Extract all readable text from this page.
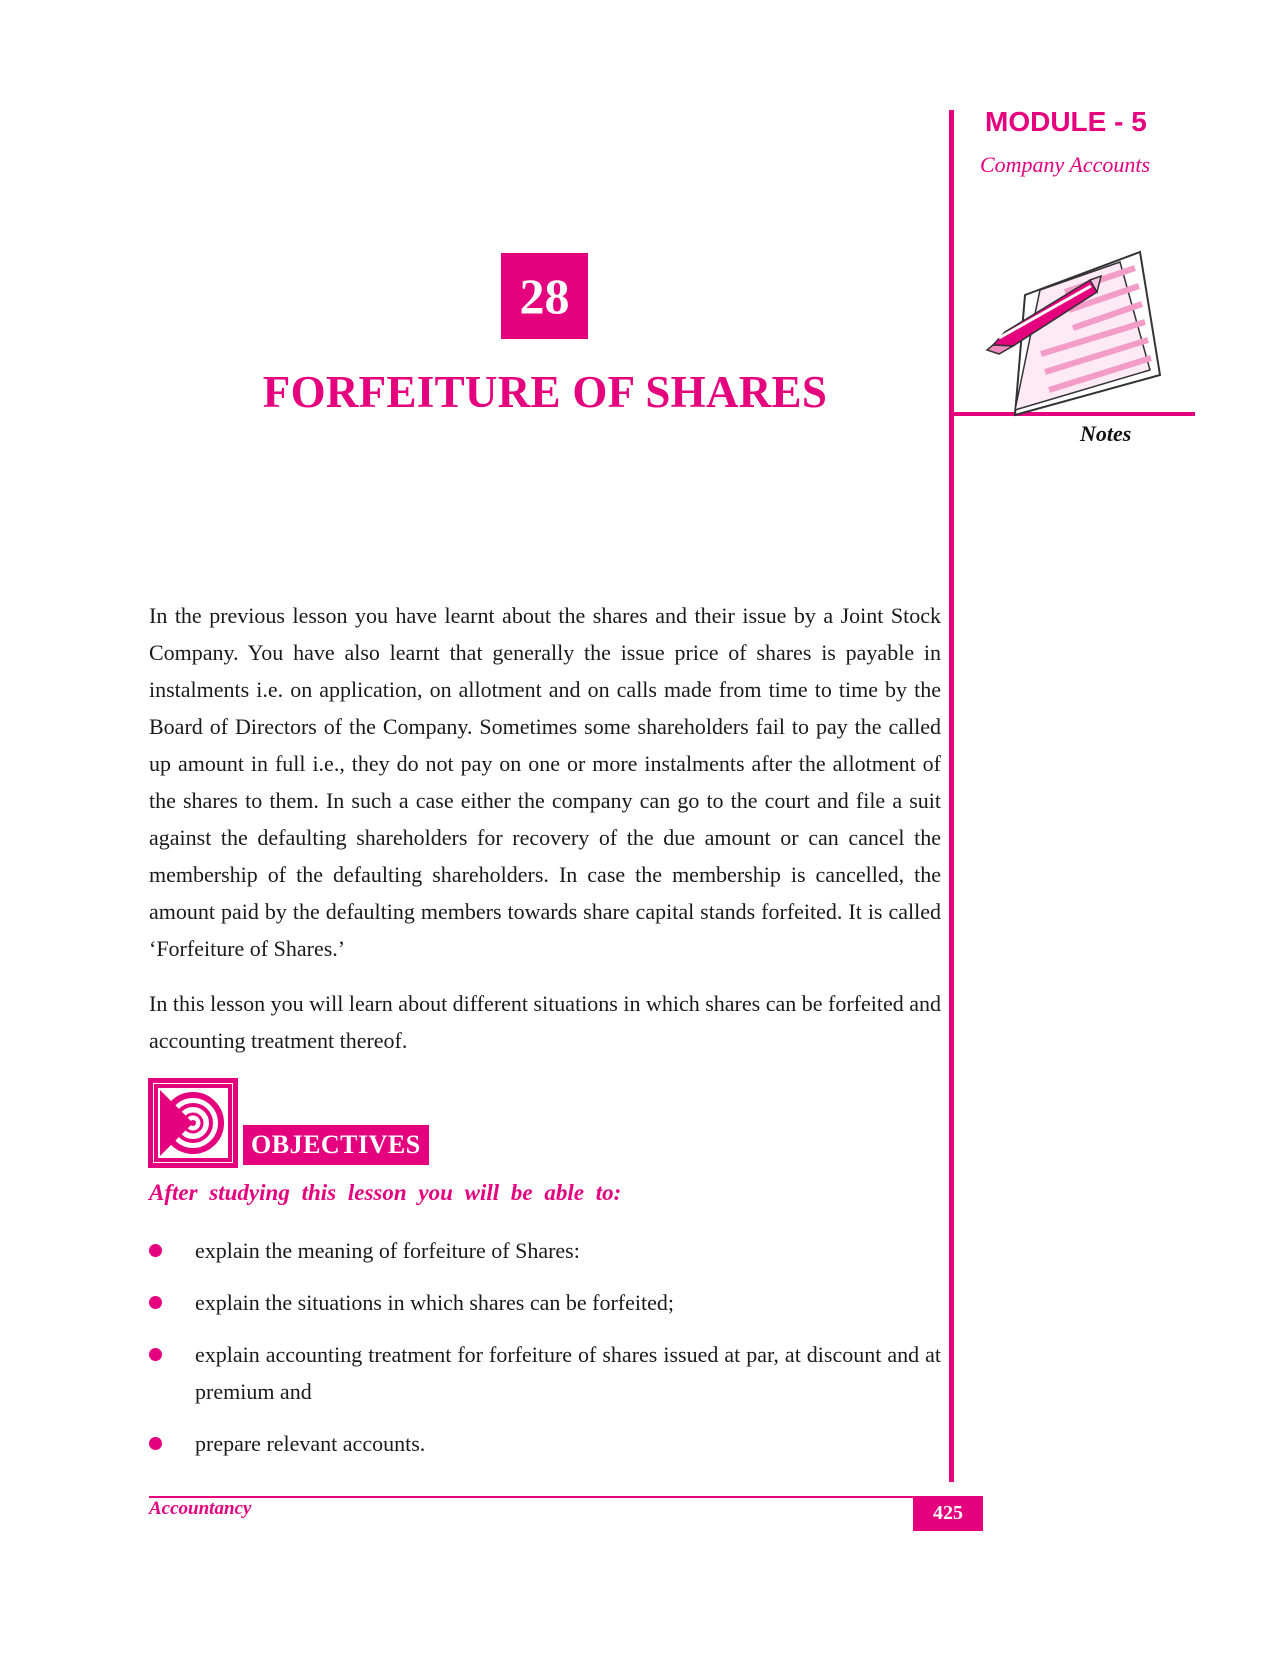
MODULE - 5
Company Accounts
Notes
28
FORFEITURE OF SHARES

In the previous lesson you have learnt about the shares and their issue by a Joint Stock Company. You have also learnt that generally the issue price of shares is payable in instalments i.e. on application, on allotment and on calls made from time to time by the Board of Directors of the Company. Sometimes some shareholders fail to pay the called up amount in full i.e., they do not pay on one or more instalments after the allotment of the shares to them. In such a case either the company can go to the court and file a suit against the defaulting shareholders for recovery of the due amount or can cancel the membership of the defaulting shareholders. In case the membership is cancelled, the amount paid by the defaulting members towards share capital stands forfeited. It is called ‘Forfeiture of Shares.’

In this lesson you will learn about different situations in which shares can be forfeited and accounting treatment thereof.

OBJECTIVES
After studying this lesson you will be able to:
explain the meaning of forfeiture of Shares:
explain the situations in which shares can be forfeited;
explain accounting treatment for forfeiture of shares issued at par, at discount and at premium and
prepare relevant accounts.
Accountancy	425
